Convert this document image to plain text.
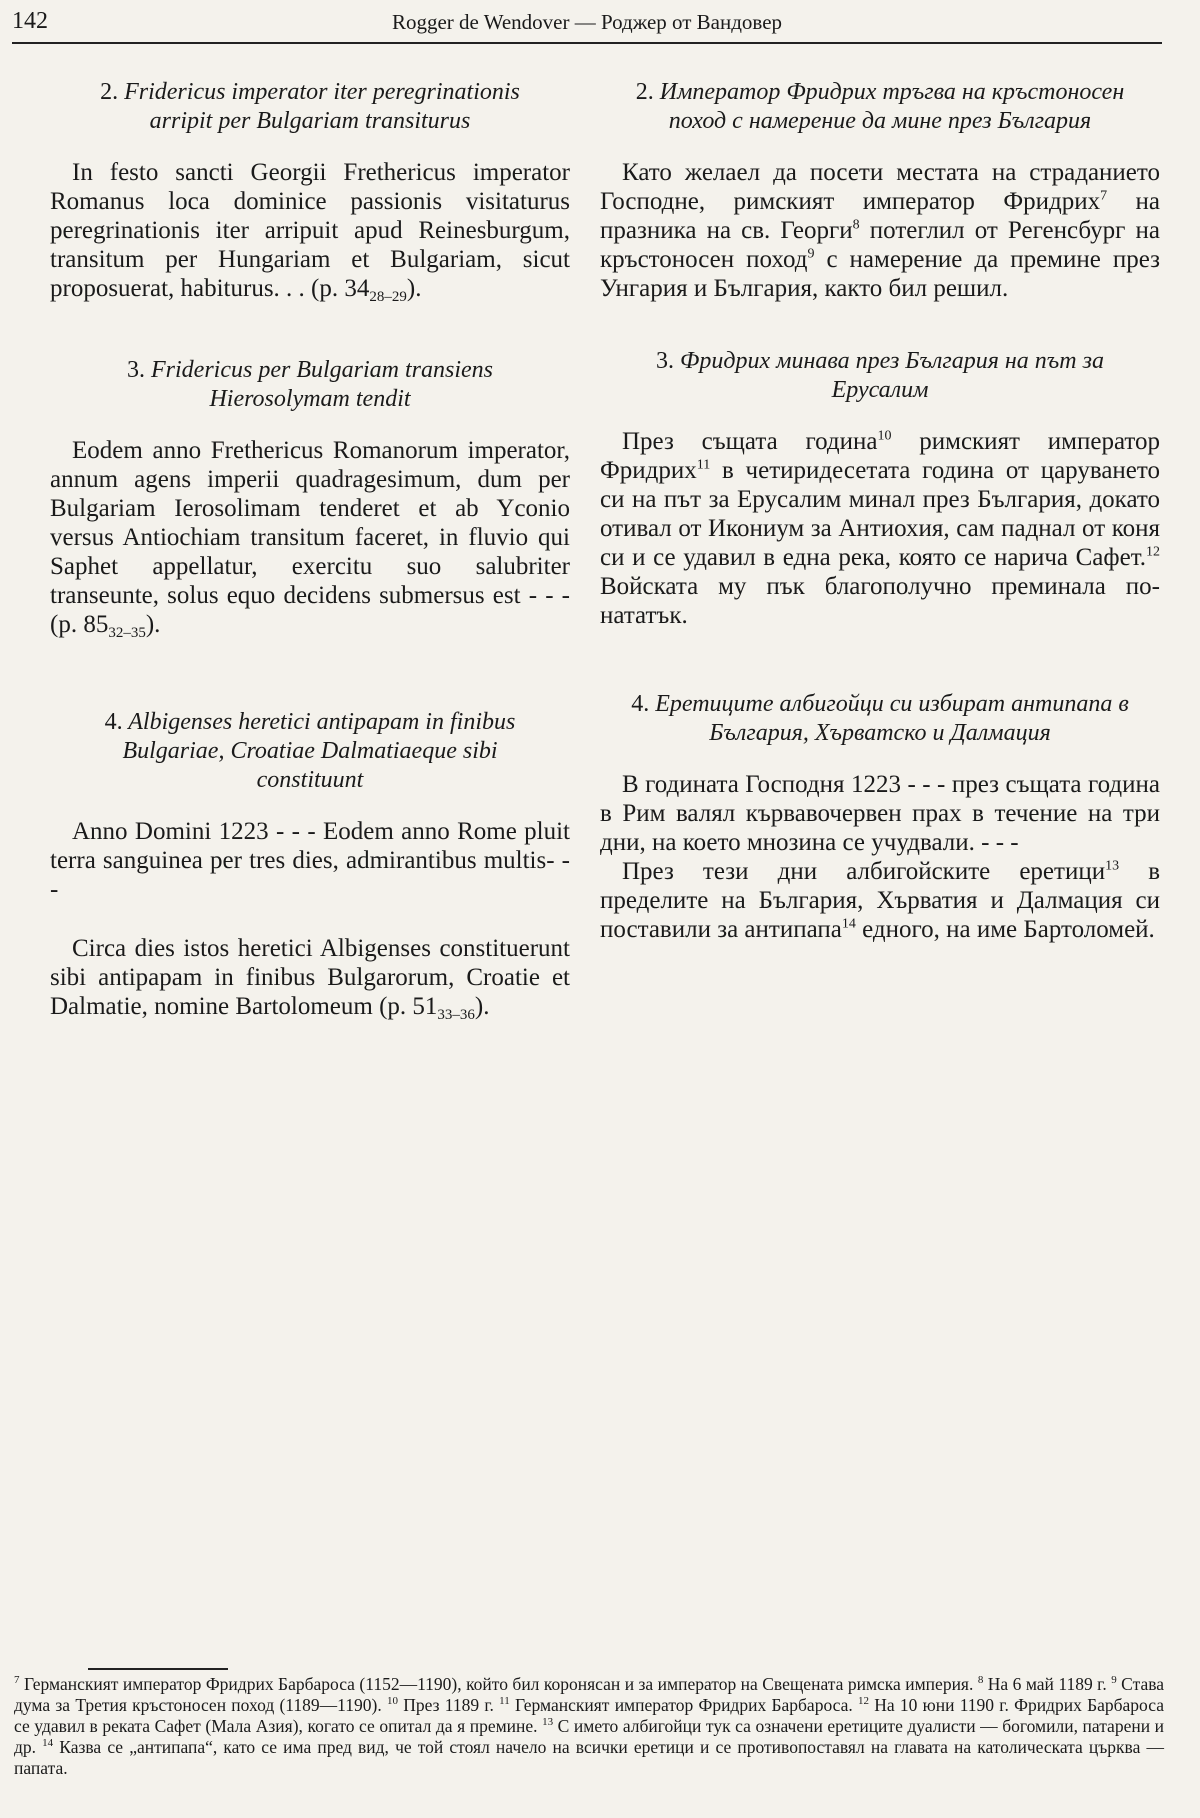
142	Rogger de Wendover — Роджер от Вандовер
2. Fridericus imperator iter peregrinationis arripit per Bulgariam transiturus

In festo sancti Georgii Fretheriсus imperator Romanus loca dominice passionis visitaturus peregrinationis iter arripuit apud Reinesburgum, transitum per Hungariam et Bulgariam, sicut proposuerat, habiturus. . . (p. $34_{28-29}$).

3. Fridericus per Bulgariam transiens Hierosolymam tendit

Eodem anno Fretheriсus Romanorum imperator, annum agens imperii quadragesimum, dum per Bulgariam Ierosolimam tenderet et ab Yconio versus Antiochiam transitum faceret, in fluvio qui Saphet appellatur, exercitu suo salubriter transeunte, solus equo decidens submersus est - - - (p. $85_{32-35}$).

4. Albigenses heretici antipapam in finibus Bulgariae, Croatiae Dalmatiaeque sibi constituunt

Anno Domini 1223 - - - Eodem anno Rome pluit terra sanguinea per tres dies, admirantibus multis- - -

Circa dies istos heretici Albigenses constituerunt sibi antipapam in finibus Bulgarorum, Croatie et Dalmatie, nomine Bartolomeum (p. $51_{33-36}$).

2. Император Фридрих тръгва на кръстоносен поход с намерение да мине през България

Като желаел да посети местата на страданието Господне, римският император Фридрих$^7$ на празника на св. Георги$^8$ потеглил от Регенсбург на кръстоносен поход$^9$ с намерение да премине през Унгария и България, както бил решил.

3. Фридрих минава през България на път за Ерусалим

През същата година$^{10}$ римският император Фридрих$^{11}$ в четиридесетата година от царуването си на път за Ерусалим минал през България, докато отивал от Икониум за Антиохия, сам паднал от коня си и се удавил в една река, която се нарича Сафет.$^{12}$ Войската му пък благополучно преминала по-нататък.

4. Еретиците албигойци си избират антипапа в България, Хърватско и Далмация

В годината Господня 1223 - - - през същата година в Рим валял кървавочервен прах в течение на три дни, на което мнозина се учудвали. - - -

През тези дни албигойските еретици$^{13}$ в пределите на България, Хърватия и Далмация си поставили за антипапа$^{14}$ едного, на име Бартоломей.

$^7$ Германският император Фридрих Барбароса (1152—1190), който бил коронясан и за император на Свещената римска империя. $^8$ На 6 май 1189 г. $^9$ Става дума за Третия кръстоносен поход (1189—1190). $^{10}$ През 1189 г. $^{11}$ Германският император Фридрих Барбароса. $^{12}$ На 10 юни 1190 г. Фридрих Барбароса се удавил в реката Сафет (Мала Азия), когато се опитал да я премине. $^{13}$ С името албигойци тук са означени еретиците дуалисти — богомили, патарени и др. $^{14}$ Казва се „антипапа“, като се има пред вид, че той стоял начело на всички еретици и се противопоставял на главата на католическата църква — папата.
